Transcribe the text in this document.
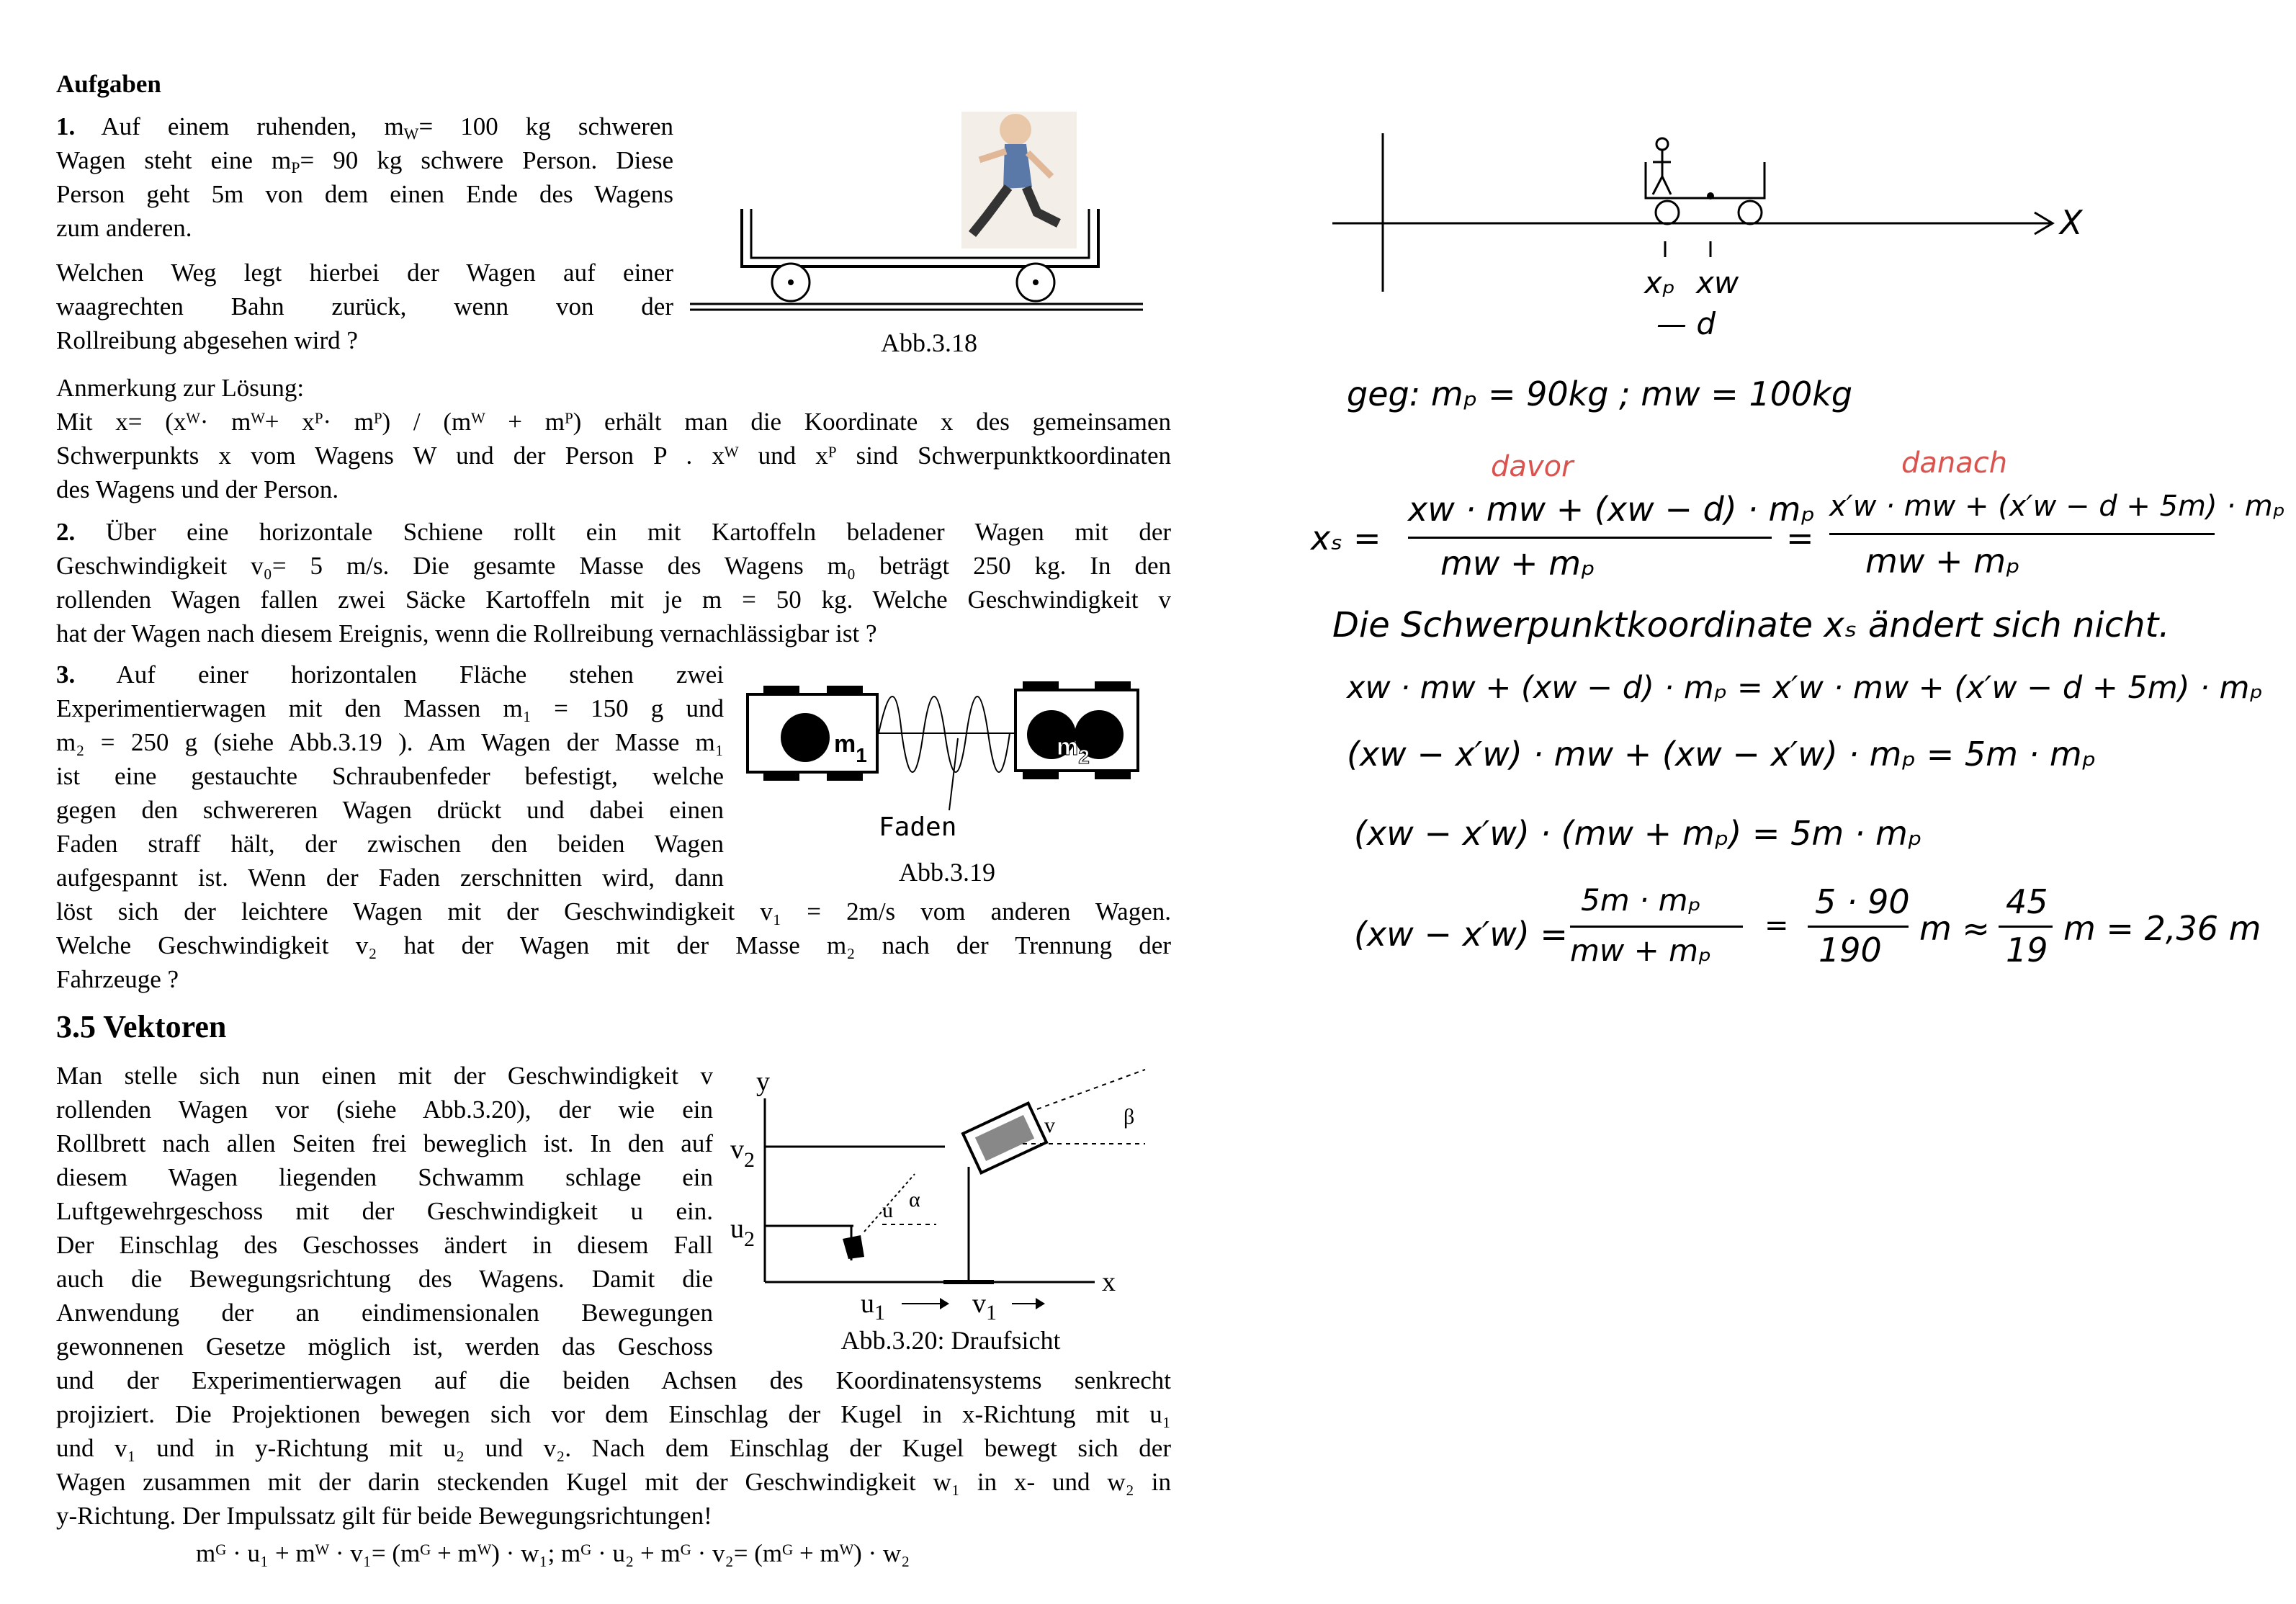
Aufgaben
1. Auf einem ruhenden, $m_W= 100$ kg schweren
Wagen steht eine $m_P= 90$ kg schwere Person. Diese
Person geht 5m von dem einen Ende des Wagens
zum anderen.
Welchen Weg legt hierbei der Wagen auf einer
waagrechten Bahn zurück, wenn von der
Rollreibung abgesehen wird ?	Abb.3.18
Anmerkung zur Lösung:
Mit x= (xᵂ· mᵂ+ xᴾ· mᴾ) / (mᵂ + mᴾ) erhält man die Koordinate x des gemeinsamen
Schwerpunkts x vom Wagens W und der Person P . xᵂ und xᴾ sind Schwerpunktkoordinaten
des Wagens und der Person.
2. Über eine horizontale Schiene rollt ein mit Kartoffeln beladener Wagen mit der
Geschwindigkeit v₀= 5 m/s. Die gesamte Masse des Wagens m₀ beträgt 250 kg. In den
rollenden Wagen fallen zwei Säcke Kartoffeln mit je m = 50 kg. Welche Geschwindigkeit v
hat der Wagen nach diesem Ereignis, wenn die Rollreibung vernachlässigbar ist ?
3. Auf einer horizontalen Fläche stehen zwei
Experimentierwagen mit den Massen m₁ = 150 g und
m₂ = 250 g (siehe Abb.3.19 ). Am Wagen der Masse m₁
ist eine gestauchte Schraubenfeder befestigt, welche
gegen den schwereren Wagen drückt und dabei einen
Faden straff hält, der zwischen den beiden Wagen
aufgespannt ist. Wenn der Faden zerschnitten wird, dann
löst sich der leichtere Wagen mit der Geschwindigkeit v₁ = 2m/s vom anderen Wagen.
Welche Geschwindigkeit v₂ hat der Wagen mit der Masse m₂ nach der Trennung der
Fahrzeuge ?
$m_1$	$m_2$
Faden
Abb.3.19
3.5 Vektoren
Man stelle sich nun einen mit der Geschwindigkeit v
rollenden Wagen vor (siehe Abb.3.20), der wie ein
Rollbrett nach allen Seiten frei beweglich ist. In den auf
diesem Wagen liegenden Schwamm schlage ein
Luftgewehrgeschoss mit der Geschwindigkeit u ein.
Der Einschlag des Geschosses ändert in diesem Fall
auch die Bewegungsrichtung des Wagens. Damit die
Anwendung der an eindimensionalen Bewegungen
gewonnenen Gesetze möglich ist, werden das Geschoss
und der Experimentierwagen auf die beiden Achsen des Koordinatensystems senkrecht
projiziert. Die Projektionen bewegen sich vor dem Einschlag der Kugel in x-Richtung mit u₁
und v₁ und in y-Richtung mit u₂ und v₂. Nach dem Einschlag der Kugel bewegt sich der
Wagen zusammen mit der darin steckenden Kugel mit der Geschwindigkeit w₁ in x- und w₂ in
y-Richtung. Der Impulssatz gilt für beide Bewegungsrichtungen!
mᴳ · u₁ + mᵂ · v₁= (mᴳ + mᵂ) · w₁; mᴳ · u₂ + mᴳ · v₂= (mᴳ + mᵂ) · w₂
y
x
$v_2$
$u_2$
u α
v	β
$u_1$	$v_1$
Abb.3.20: Draufsicht
X
xₚ xᴡ
— d
geg: mₚ = 90kg ; mᴡ = 100kg
davor	danach
xₛ =
xᴡ · mᴡ + (xᴡ − d) · mₚ
mᴡ + mₚ
=
x′ᴡ · mᴡ + (x′ᴡ − d + 5m) · mₚ
mᴡ + mₚ
Die Schwerpunktkoordinate xₛ ändert sich nicht.
xᴡ · mᴡ + (xᴡ − d) · mₚ = x′ᴡ · mᴡ + (x′ᴡ − d + 5m) · mₚ
(xᴡ − x′ᴡ) · mᴡ + (xᴡ − x′ᴡ) · mₚ = 5m · mₚ
(xᴡ − x′ᴡ) · (mᴡ + mₚ) = 5m · mₚ
(xᴡ − x′ᴡ) =
5m · mₚ
mᴡ + mₚ
=
5 · 90
190
m ≈
45
19
m = 2,36 m
